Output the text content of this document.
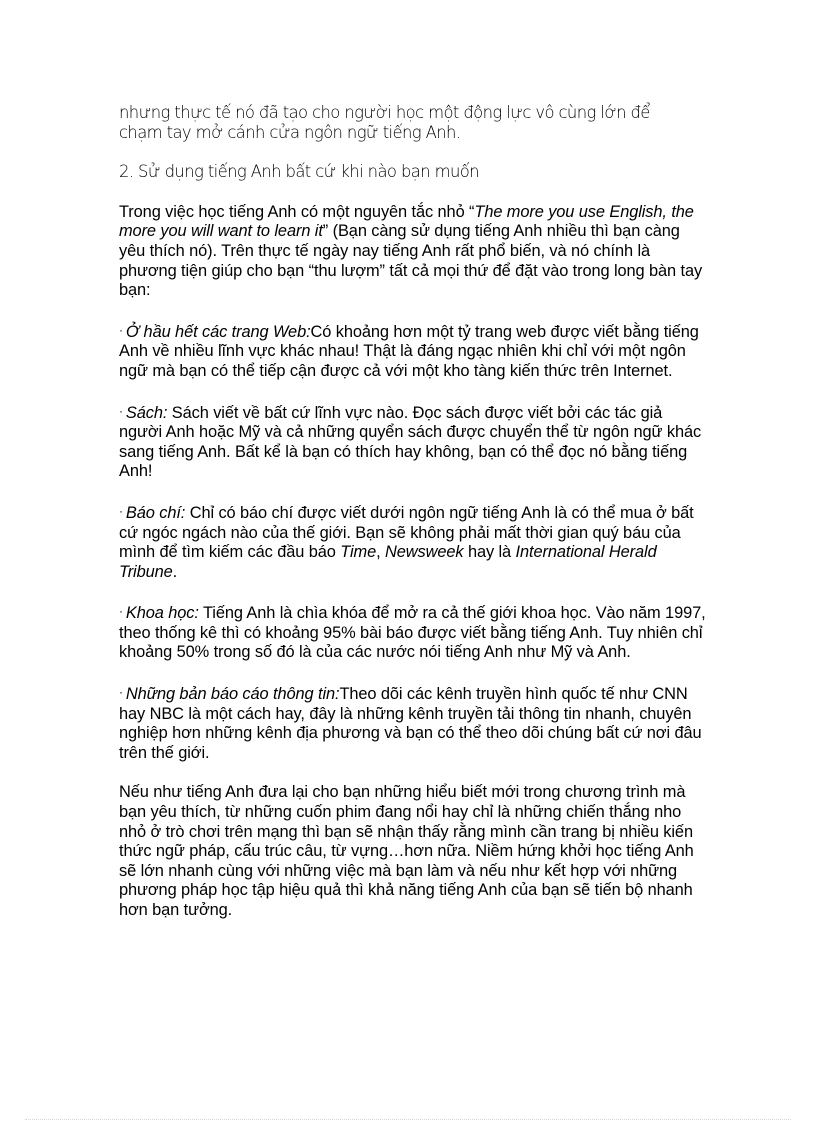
nhưng thực tế nó đã tạo cho người học một động lực vô cùng lớn để
chạm tay mở cánh cửa ngôn ngữ tiếng Anh.

2. Sử dụng tiếng Anh bất cứ khi nào bạn muốn

Trong việc học tiếng Anh có một nguyên tắc nhỏ “The more you use English, the more you will want to learn it” (Bạn càng sử dụng tiếng Anh nhiều thì bạn càng yêu thích nó). Trên thực tế ngày nay tiếng Anh rất phổ biến, và nó chính là phương tiện giúp cho bạn “thu lượm” tất cả mọi thứ để đặt vào trong long bàn tay bạn:

· Ở hầu hết các trang Web:Có khoảng hơn một tỷ trang web được viết bằng tiếng Anh về nhiều lĩnh vực khác nhau! Thật là đáng ngạc nhiên khi chỉ với một ngôn ngữ mà bạn có thể tiếp cận được cả với một kho tàng kiến thức trên Internet.

· Sách: Sách viết về bất cứ lĩnh vực nào. Đọc sách được viết bởi các tác giả người Anh hoặc Mỹ và cả những quyển sách được chuyển thể từ ngôn ngữ khác sang tiếng Anh. Bất kể là bạn có thích hay không, bạn có thể đọc nó bằng tiếng Anh!

· Báo chí: Chỉ có báo chí được viết dưới ngôn ngữ tiếng Anh là có thể mua ở bất cứ ngóc ngách nào của thế giới. Bạn sẽ không phải mất thời gian quý báu của mình để tìm kiếm các đầu báo Time, Newsweek hay là International Herald Tribune.

· Khoa học: Tiếng Anh là chìa khóa để mở ra cả thế giới khoa học. Vào năm 1997, theo thống kê thì có khoảng 95% bài báo được viết bằng tiếng Anh. Tuy nhiên chỉ khoảng 50% trong số đó là của các nước nói tiếng Anh như Mỹ và Anh.

· Những bản báo cáo thông tin:Theo dõi các kênh truyền hình quốc tế như CNN hay NBC là một cách hay, đây là những kênh truyền tải thông tin nhanh, chuyên nghiệp hơn những kênh địa phương và bạn có thể theo dõi chúng bất cứ nơi đâu trên thế giới.

Nếu như tiếng Anh đưa lại cho bạn những hiểu biết mới trong chương trình mà bạn yêu thích, từ những cuốn phim đang nổi hay chỉ là những chiến thắng nho nhỏ ở trò chơi trên mạng thì bạn sẽ nhận thấy rằng mình cần trang bị nhiều kiến thức ngữ pháp, cấu trúc câu, từ vựng…hơn nữa. Niềm hứng khởi học tiếng Anh sẽ lớn nhanh cùng với những việc mà bạn làm và nếu như kết hợp với những phương pháp học tập hiệu quả thì khả năng tiếng Anh của bạn sẽ tiến bộ nhanh hơn bạn tưởng.
